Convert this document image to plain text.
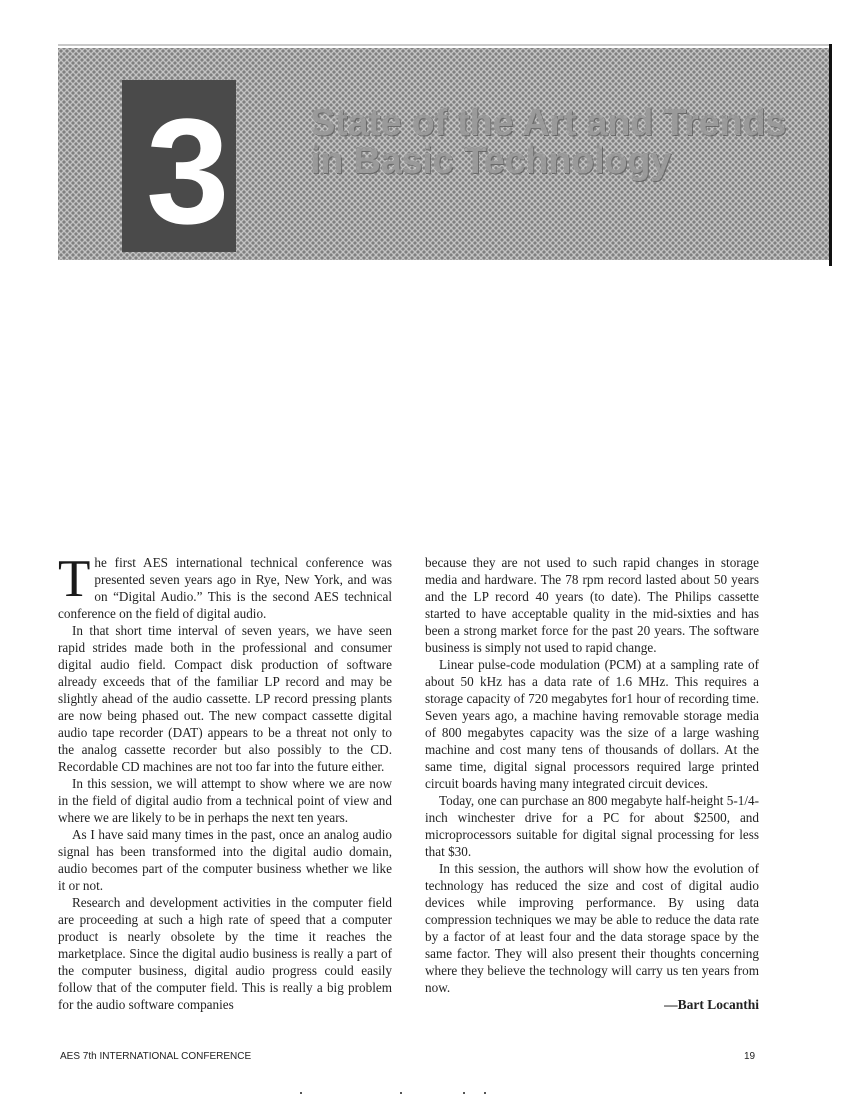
3 State of the Art and Trends
in Basic Technology

The first AES international technical conference was presented seven years ago in Rye, New York, and was on “Digital Audio.” This is the second AES technical conference on the field of digital audio.

In that short time interval of seven years, we have seen rapid strides made both in the professional and consumer digital audio field. Compact disk production of software already exceeds that of the familiar LP record and may be slightly ahead of the audio cassette. LP record pressing plants are now being phased out. The new compact cassette digital audio tape recorder (DAT) appears to be a threat not only to the analog cassette recorder but also possibly to the CD. Recordable CD machines are not too far into the future either.

In this session, we will attempt to show where we are now in the field of digital audio from a technical point of view and where we are likely to be in perhaps the next ten years.

As I have said many times in the past, once an analog audio signal has been transformed into the digital audio domain, audio becomes part of the computer business whether we like it or not.

Research and development activities in the computer field are proceeding at such a high rate of speed that a computer product is nearly obsolete by the time it reaches the marketplace. Since the digital audio business is really a part of the computer business, digital audio progress could easily follow that of the computer field. This is really a big problem for the audio software companies

because they are not used to such rapid changes in storage media and hardware. The 78 rpm record lasted about 50 years and the LP record 40 years (to date). The Philips cassette started to have acceptable quality in the mid-sixties and has been a strong market force for the past 20 years. The software business is simply not used to rapid change.

Linear pulse-code modulation (PCM) at a sampling rate of about 50 kHz has a data rate of 1.6 MHz. This requires a storage capacity of 720 megabytes for1 hour of recording time. Seven years ago, a machine having removable storage media of 800 megabytes capacity was the size of a large washing machine and cost many tens of thousands of dollars. At the same time, digital signal processors required large printed circuit boards having many integrated circuit devices.

Today, one can purchase an 800 megabyte half-height 5-1/4-inch winchester drive for a PC for about $2500, and microprocessors suitable for digital signal processing for less that $30.

In this session, the authors will show how the evolution of technology has reduced the size and cost of digital audio devices while improving performance. By using data compression techniques we may be able to reduce the data rate by a factor of at least four and the data storage space by the same factor. They will also present their thoughts concerning where they believe the technology will carry us ten years from now.

—Bart Locanthi

AES 7th INTERNATIONAL CONFERENCE	19
